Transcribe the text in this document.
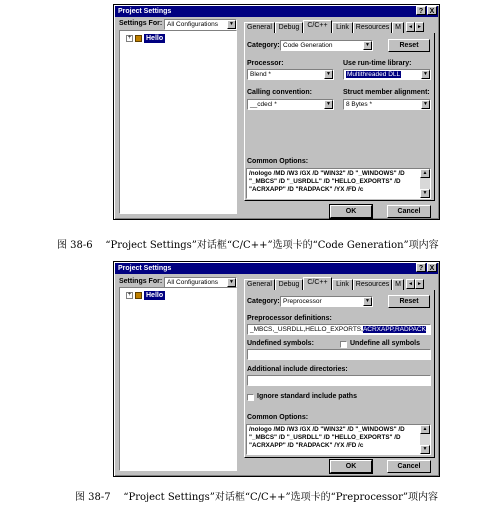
Project Settings	? X
Settings For: All Configurations	▼
+ Hello
General Debug	C/C++	Link Resources M	◄ ►
Category: Code Generation	▼	Reset
Processor:
Blend *	▼
Use run-time library:
Multithreaded DLL	▼
Calling convention:
__cdecl *	▼
Struct member alignment:
8 Bytes *	▼
Common Options:
/nologo /MD /W3 /GX /D "WIN32" /D "_WINDOWS" /D
"_MBCS" /D "_USRDLL" /D "HELLO_EXPORTS" /D
"ACRXAPP" /D "RADPACK" /YX /FD /c
▲
▼
OK	Cancel
图 38-6 “Project Settings”对话框“C/C++”选项卡的“Code Generation”项内容
Project Settings	? X
Settings For: All Configurations	▼
+ Hello
General Debug	C/C++	Link Resources M	◄ ►
Category: Preprocessor	▼	Reset
Preprocessor definitions:
_MBCS,_USRDLL,HELLO_EXPORTS,ACRXAPP,RADPACK
Undefined symbols:	Undefine all symbols
Additional include directories:
Ignore standard include paths
Common Options:
/nologo /MD /W3 /GX /D "WIN32" /D "_WINDOWS" /D
"_MBCS" /D "_USRDLL" /D "HELLO_EXPORTS" /D
"ACRXAPP" /D "RADPACK" /YX /FD /c
▲
▼
OK	Cancel
图 38-7 “Project Settings”对话框“C/C++”选项卡的“Preprocessor”项内容
